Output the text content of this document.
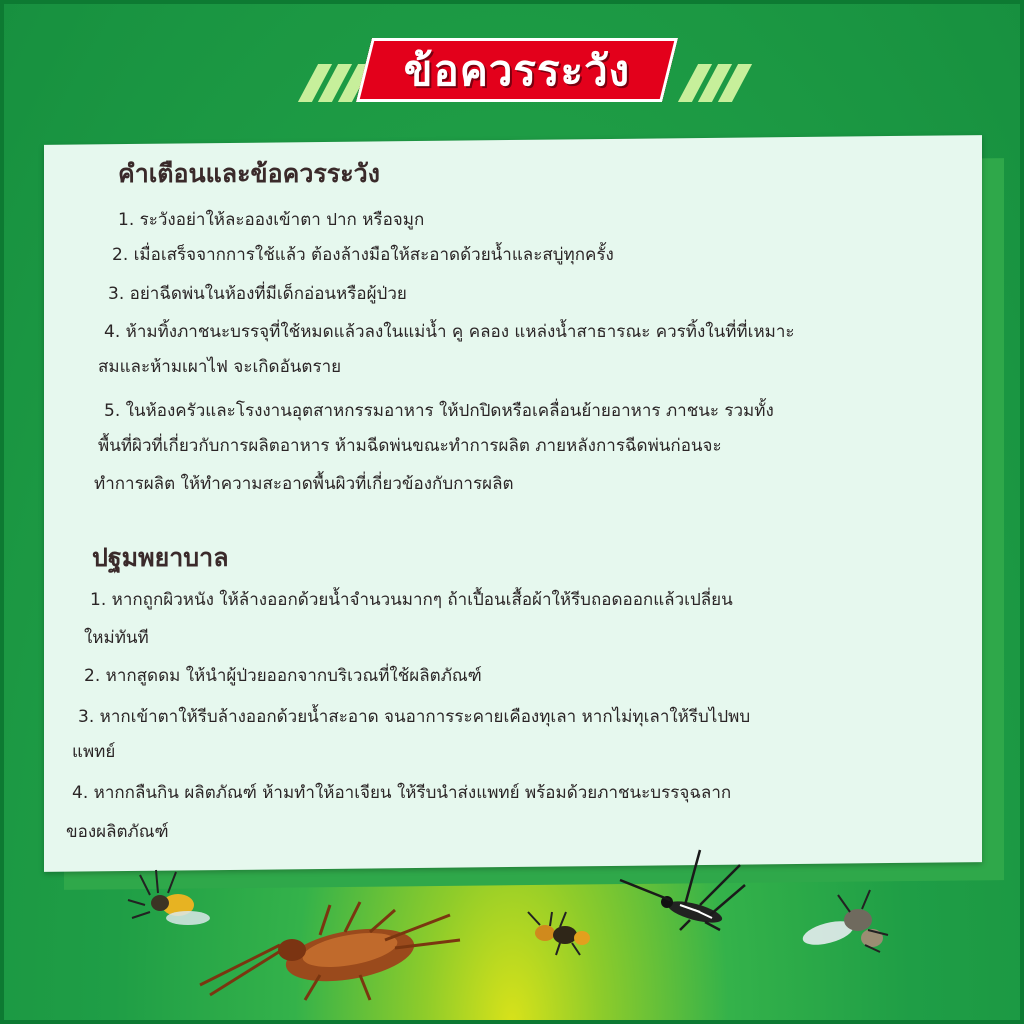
ข้อควรระวัง
คำเตือนและข้อควรระวัง
1. ระวังอย่าให้ละอองเข้าตา ปาก หรือจมูก
2. เมื่อเสร็จจากการใช้แล้ว ต้องล้างมือให้สะอาดด้วยน้ำและสบู่ทุกครั้ง
3. อย่าฉีดพ่นในห้องที่มีเด็กอ่อนหรือผู้ป่วย
4. ห้ามทิ้งภาชนะบรรจุที่ใช้หมดแล้วลงในแม่น้ำ คู คลอง แหล่งน้ำสาธารณะ ควรทิ้งในที่ที่เหมาะ
สมและห้ามเผาไฟ จะเกิดอันตราย
5. ในห้องครัวและโรงงานอุตสาหกรรมอาหาร ให้ปกปิดหรือเคลื่อนย้ายอาหาร ภาชนะ รวมทั้ง
พื้นที่ผิวที่เกี่ยวกับการผลิตอาหาร ห้ามฉีดพ่นขณะทำการผลิต ภายหลังการฉีดพ่นก่อนจะ
ทำการผลิต ให้ทำความสะอาดพื้นผิวที่เกี่ยวข้องกับการผลิต
ปฐมพยาบาล
1. หากถูกผิวหนัง ให้ล้างออกด้วยน้ำจำนวนมากๆ ถ้าเปื้อนเสื้อผ้าให้รีบถอดออกแล้วเปลี่ยน
ใหม่ทันที
2. หากสูดดม ให้นำผู้ป่วยออกจากบริเวณที่ใช้ผลิตภัณฑ์
3. หากเข้าตาให้รีบล้างออกด้วยน้ำสะอาด จนอาการระคายเคืองทุเลา หากไม่ทุเลาให้รีบไปพบ
แพทย์
4. หากกลืนกิน ผลิตภัณฑ์ ห้ามทำให้อาเจียน ให้รีบนำส่งแพทย์ พร้อมด้วยภาชนะบรรจุฉลาก
ของผลิตภัณฑ์
